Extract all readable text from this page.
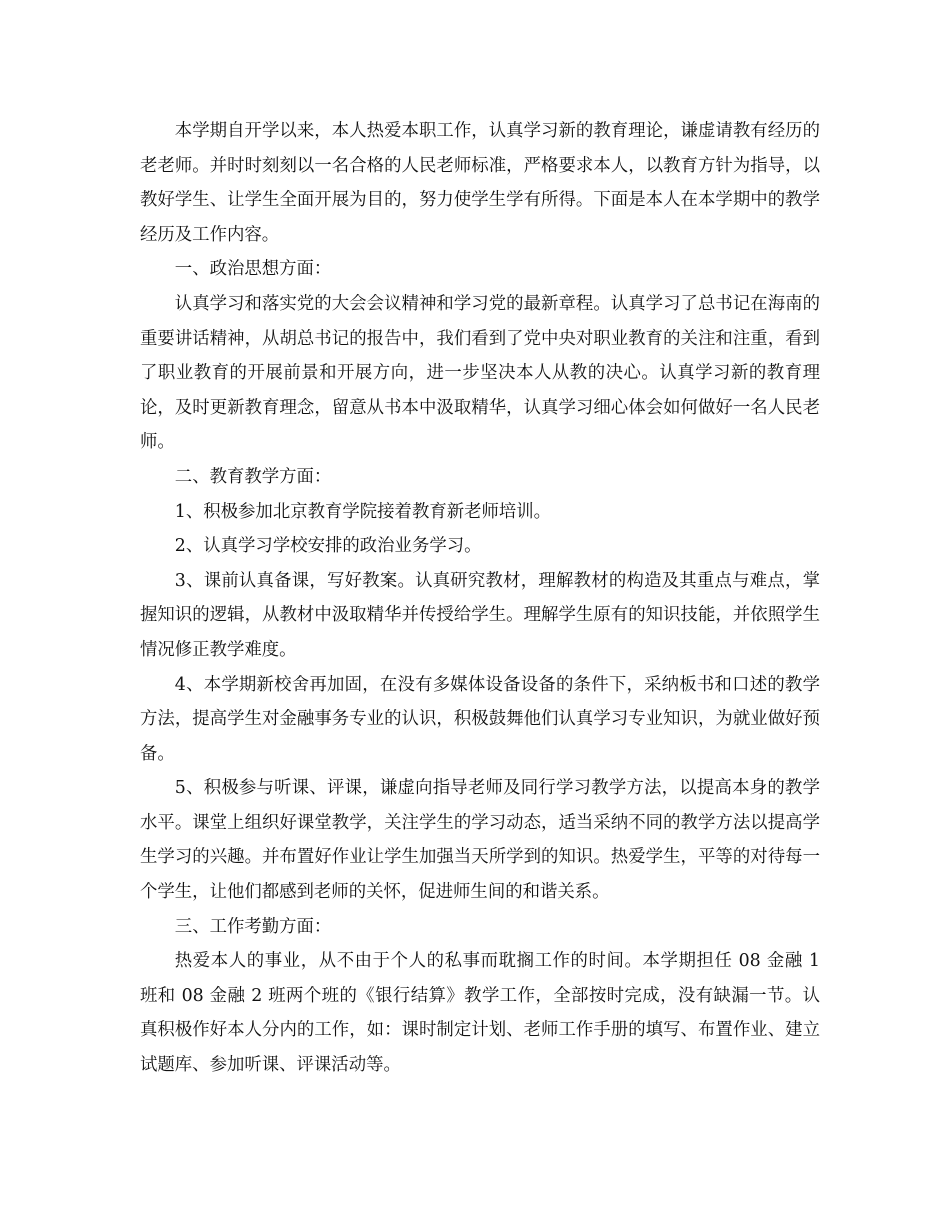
本学期自开学以来，本人热爱本职工作，认真学习新的教育理论，谦虚请教有经历的老老师。并时时刻刻以一名合格的人民老师标准，严格要求本人，以教育方针为指导，以教好学生、让学生全面开展为目的，努力使学生学有所得。下面是本人在本学期中的教学经历及工作内容。

一、政治思想方面：

认真学习和落实党的大会会议精神和学习党的最新章程。认真学习了总书记在海南的重要讲话精神，从胡总书记的报告中，我们看到了党中央对职业教育的关注和注重，看到了职业教育的开展前景和开展方向，进一步坚决本人从教的决心。认真学习新的教育理论，及时更新教育理念，留意从书本中汲取精华，认真学习细心体会如何做好一名人民老师。

二、教育教学方面：

1、积极参加北京教育学院接着教育新老师培训。

2、认真学习学校安排的政治业务学习。

3、课前认真备课，写好教案。认真研究教材，理解教材的构造及其重点与难点，掌握知识的逻辑，从教材中汲取精华并传授给学生。理解学生原有的知识技能，并依照学生情况修正教学难度。

4、本学期新校舍再加固，在没有多媒体设备设备的条件下，采纳板书和口述的教学方法，提高学生对金融事务专业的认识，积极鼓舞他们认真学习专业知识，为就业做好预备。

5、积极参与听课、评课，谦虚向指导老师及同行学习教学方法，以提高本身的教学水平。课堂上组织好课堂教学，关注学生的学习动态，适当采纳不同的教学方法以提高学生学习的兴趣。并布置好作业让学生加强当天所学到的知识。热爱学生，平等的对待每一个学生，让他们都感到老师的关怀，促进师生间的和谐关系。

三、工作考勤方面：

热爱本人的事业，从不由于个人的私事而耽搁工作的时间。本学期担任 08 金融 1 班和 08 金融 2 班两个班的《银行结算》教学工作，全部按时完成，没有缺漏一节。认真积极作好本人分内的工作，如：课时制定计划、老师工作手册的填写、布置作业、建立试题库、参加听课、评课活动等。
